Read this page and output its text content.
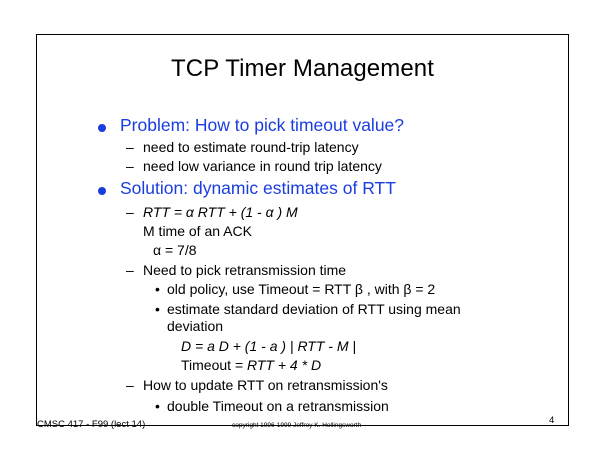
TCP Timer Management
Problem: How to pick timeout value?
– need to estimate round-trip latency
– need low variance in round trip latency
Solution: dynamic estimates of RTT
– RTT = α RTT + (1 - α ) M
M time of an ACK
α = 7/8
– Need to pick retransmission time
• old policy, use Timeout = RTT β , with β = 2
• estimate standard deviation of RTT using mean
deviation
D = a D + (1 - a ) | RTT - M |
Timeout = RTT + 4 * D
– How to update RTT on retransmission's
• double Timeout on a retransmission
CMSC 417 - F99 (lect 14)	copyright 1996-1999 Jeffrey K. Hollingsworth	4
